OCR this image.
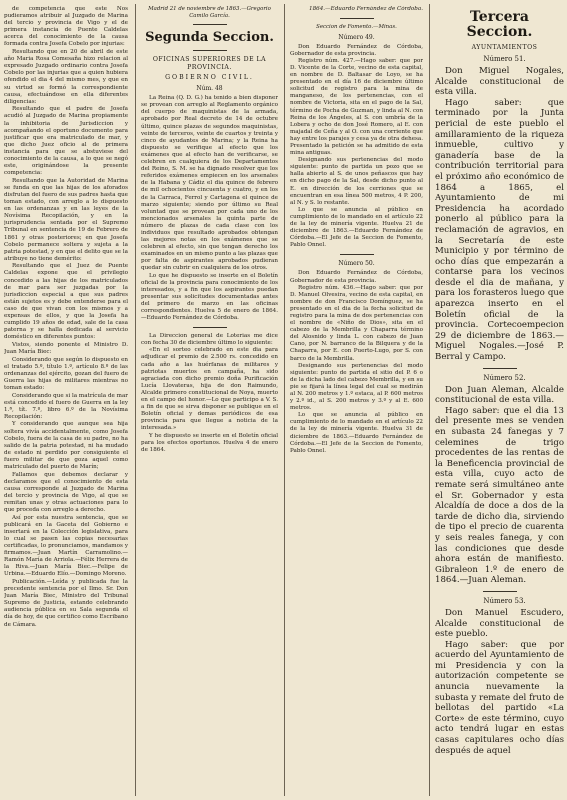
de competencia que este Nos pudieramos atribuir al Juzgado de Marina del tercio y provincia de Vigo y el de primera instancia de Puente Caldelas acerca del conocimiento de la causa formada contra Josefa Cobelo por injurias:

Resultando que en 20 de abril de este año Maria Rosa Comesaña hizo relacion al expresado Juzgado ordinario contra Josefa Cobelo por las injurias que a quien hubiera ofendido el dia 4 del mismo mes, y que en su virtud se formó la correspondiente causa, efectuándose en ella diferentes diligencias:

Resultando que el padre de Josefa acudió al Juzgado de Marina propiamente la inhibitoria de Jurisdiccion y acompañando el oportuno documento para justificar que era matriculado de mar, y que dicho Juez oficio al de primera instancia para que se abstuviese del conocimiento de la causa, a lo que se negó este, originándose la presente competencia:

Resultando que la Autoridad de Marina se funda en que las hijas de los aforados disfrutan del fuero de sus padres hasta que toman estado, con arreglo a lo dispuesto en las ordenanzas y en las leyes de la Novísima Recopilación, y en la jurisprudencia sentada por el Supremo Tribunal en sentencia de 19 de Febrero de 1861 y otras posteriores; en que Josefa Cobelo permanece soltera y sujeta a la patria potestad, y en que el delito que se la atribuye no tiene demérito:

Resultando que el Juez de Puente Caldelas expone que el privilegio concedido a las hijas de los matriculados de mar para ser juzgadas por la jurisdiccion especial a que sus padres están sujetos es y debe entenderse para el caso de que vivan con los mismos y a expensas de ellos, y que la Josefa ha cumplido 19 años de edad, sale de la casa paterna y se halla dedicada al servicio doméstico en diferentes puntos:

Vistos, siendo ponente el Ministro D. Juan María Biec:

Considerando que según lo dispuesto en el tratado 5.º, título 1.º, artículo 8.º de las ordenanzas del ejército, gozan del fuero de Guerra las hijas de militares mientras no toman estado:

Considerando que si la matrícula de mar está concedido el fuero de Guerra en la ley 1.ª, tít. 7.º, libro 6.º de la Novísima Recopilación:

Y considerando que aunque sea hija soltera vivía accidentalmente, como Josefa Cobelo, fuera de la casa de su padre, no ha salido de la patria potestad, ni ha mudado de estado ni perdido por consiguiente el fuero militar de que goza aquel como matriculado del puerto de Marín;

Fallamos que debemos declarar y declaramos que el conocimiento de esta causa corresponde al Juzgado de Marina del tercio y provincia de Vigo, al que se remitan unas y otras actuaciones para lo que proceda con arreglo a derecho.

Así por esta nuestra sentencia, que se publicará en la Gaceta del Gobierno e insertará en la Colección legislativa, para lo cual se pasen las copias necesarias certificadas, lo pronunciamos, mandamos y firmamos.—Juan Martín Carramolino.—Ramón María de Arriola.—Félix Herrera de la Riva.—Juan María Biec.—Felipe de Urbina.—Eduardo Elío.—Domingo Moreno.

Publicación.—Leída y publicada fue la precedente sentencia por el Ilmo. Sr. Don Juan María Biec, Ministro del Tribunal Supremo de Justicia, estando celebrando audiencia pública en su Sala segunda el día de hoy, de que certifico como Escribano de Cámara.

Madrid 21 de noviembre de 1863.—Gregorio Camilo García.

Segunda Seccion.

OFICINAS SUPERIORES DE LA PROVINCIA.

GOBIERNO CIVIL.

Núm. 48

La Reina (Q. D. G.) ha tenido a bien disponer se provean con arreglo al Reglamento orgánico del cuerpo de maquinistas de la armada, aprobado por Real decreto de 14 de octubre último, quince plazas de segundos maquinistas, veinte de terceros, veinte de cuartos y treinta y cinco de ayudantes de Marina; y la Reina ha dispuesto se verifique al efecto que los exámenes que al efecto han de verificarse, se celebren en cualquiera de los Departamentos del Reino, S. M. se ha dignado resolver que los referidos exámenes empiecen en los arsenales de la Habana y Cádiz el dia quince de febrero de mil ochocientos cincuenta y cuatro, y en los de la Carraca, Ferrol y Cartagena el quince de marzo siguiente; siendo por último su Real voluntad que se provean por cada uno de los mencionados arsenales la quinta parte de número de plazas de cada clase con los individuos que resultado aprobados obtengan las mejores notas en los exámenes que se celebren al efecto, sin que tengan derecho los examinados en un mismo punto a las plazas que por falta de aspirantes aprobados pudieran quedar sin cubrir en cualquiera de los otros.

Lo que he dispuesto se inserte en el Boletín oficial de la provincia para conocimiento de los interesados, y a fin que los aspirantes puedan presentar sus solicitudes documentadas antes del primero de marzo en las oficinas correspondientes. Huelva 5 de enero de 1864.—Eduardo Fernández de Córdoba.

La Direccion general de Loterias me dice con fecha 30 de diciembre último lo siguiente:

«En el sorteo celebrado en este dia para adjudicar el premio de 2.500 rs. concedido en cada año a las huérfanas de militares y patriotas muertos en campaña, ha sido agraciada con dicho premio doña Purificación Lucía Llovateras, hija de don Raimundo, Alcalde primero constitucional de Noya, muerto en el campo del honor.—Lo que participo a V. S. a fin de que se sirva disponer se publique en el Boletín oficial y demas periódicos de esa provincia para que llegue a noticia de la interesada.»

Y he dispuesto se inserte en el Boletín oficial para los efectos oportunos. Huelva 4 de enero de 1864.

1864.—Eduardo Fernández de Córdoba.

Seccion de Fomento.—Minas.

Número 49.

Don Eduardo Fernández de Córdoba, Gobernador de esta provincia.

Registro núm. 427.—Hago saber: que por D. Vicente de la Corte, vecino de esta capital, en nombre de D. Baltasar de Loyo, se ha presentado en el día 16 de diciembre último solicitud de registro para la mina de manganeso, de los pertenencias, con el nombre de Victoria, sita en el pago de la Sal, término de Pocha de Guzman, y linda al N. con Reina de los Ángeles, al S. con umbría de la Lobera y ocho de don José Romero, al E. con majadal de Ceña y al O. con una corriente que hay entre los parajes y cesa ya de otra dehesa. Presentado la petición se ha admitido de esta mina antiguas.

Designando sus pertenencias del modo siguiente: punto de partida un pozo que se halla abierto al S. de unos peñascos que hay en dicho pago de la Sal, desde dicho punto al E. en dirección de los cerriones que se encuentran en esa línea 500 metros, 4 P. 200, al N. y S. lo restante.

Lo que se anuncia al público en cumplimiento de lo mandado en el artículo 22 de la ley de minería vigente. Huelva 21 de diciembre de 1863.—Eduardo Fernández de Córdoba.—El Jefe de la Seccion de Fomento, Pablo Onnel.

Número 50.

Don Eduardo Fernández de Córdoba, Gobernador de esta provincia.

Registro núm. 436.—Hago saber: que por D. Manuel Olvesira, vecino de esta capital, en nombre de don Francisco Domínguez, se ha presentado en el dia de la fecha solicitud de registro para la mina de dos pertenencias con el nombre de «Niño de Dios», sita en el cabezo de la Membrilla y Chaparra término del Alosnido y linda L. con cabezo de Juan Cano, por N. barranco de la Bilquera y de la Chaparra, por E. con Puerto-Lugo, por S. con barco de la Membrilla.

Designando sus pertenencias del modo siguiente: punto de partida el sitio del P. 6 o de la dicha lado del cabezo Membrilla, y en su pie se fijará la línea legal del cual se medirán al N. 200 metros y 1.º estaca, al P. 600 metros y 2.º id., al S. 200 metros y 3.º y al E. 600 metros.

Lo que se anuncia al público en cumplimiento de lo mandado en el artículo 22 de la ley de minería vigente. Huelva 31 de diciembre de 1863.—Eduardo Fernández de Córdoba.—El Jefe de la Seccion de Fomento, Pablo Onnel.

Tercera Seccion.

AYUNTAMIENTOS

Número 51.

Don Miguel Nogales, Alcalde constitucional de esta villa.

Hago saber: que terminado por la Junta pericial de este pueblo el amillaramiento de la riqueza inmueble, cultivo y ganadería base de la contribución territorial para el próximo año económico de 1864 a 1865, el Ayuntamiento de mi Presidencia ha acordado ponerlo al público para la reclamación de agravios, en la Secretaría de este Municipio y por término de ocho días que empezarán a contarse para los vecinos desde el dia de mañana, y para los forasteros luego que aparezca inserto en el Boletín oficial de la provincia. Cortecoempecion 29 de diciembre de 1863.—Miguel Nogales.—José P. Berral y Campo.

Número 52.

Don Juan Aleman, Alcalde constitucional de esta villa.

Hago saber: que el dia 13 del presente mes se venden en subasta 24 fanegas y 7 celemines de trigo procedentes de las rentas de la Beneficencia provincial de esta villa, cuyo acto de remate será simultáneo ante el Sr. Gobernador y esta Alcaldía de doce a dos de la tarde de dicho dia, sirviendo de tipo el precio de cuarenta y seis reales fanega, y con las condiciones que desde ahora están de manifiesto. Gibraleon 1.º de enero de 1864.—Juan Aleman.

Número 53.

Don Manuel Escudero, Alcalde constitucional de este pueblo.

Hago saber: que por acuerdo del Ayuntamiento de mi Presidencia y con la autorización competente se anuncia nuevamente la subasta y remate del fruto de bellotas del partido «La Corte» de este término, cuyo acto tendrá lugar en estas casas capitulares ocho días después de aquel
